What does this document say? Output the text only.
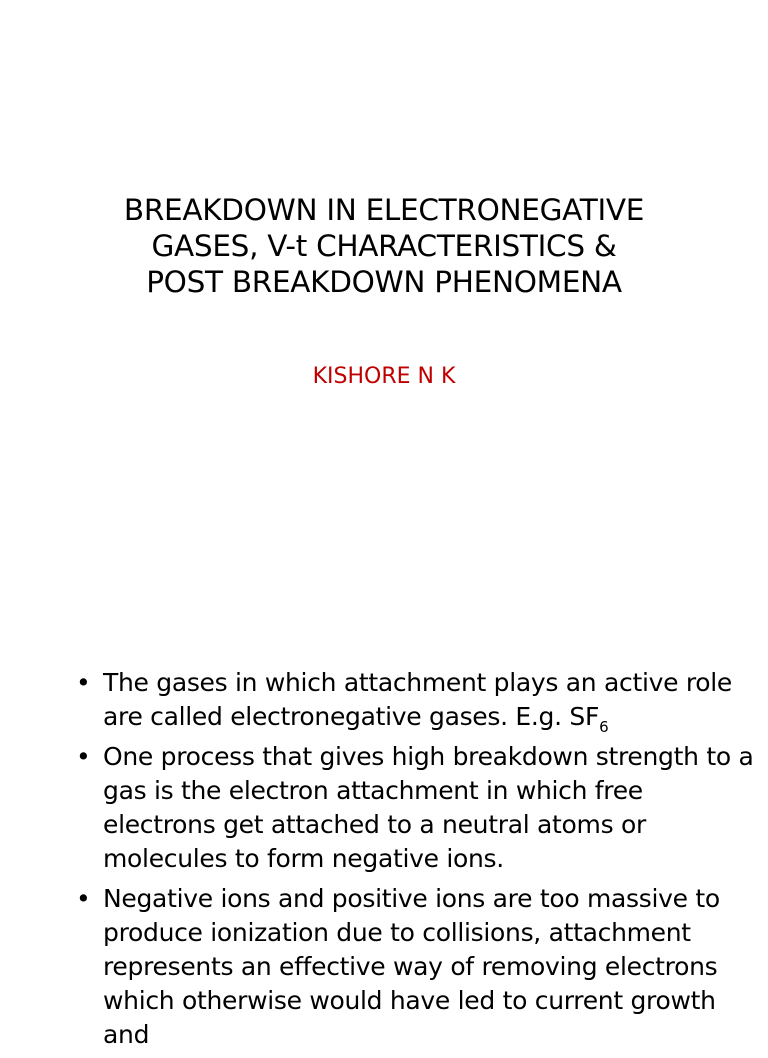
BREAKDOWN IN ELECTRONEGATIVE
GASES, V-t CHARACTERISTICS &
POST BREAKDOWN PHENOMENA
KISHORE N K
• The gases in which attachment plays an active role are called electronegative gases. E.g. $SF_6$
• One process that gives high breakdown strength to a gas is the electron attachment in which free electrons get attached to a neutral atoms or molecules to form negative ions.
• Negative ions and positive ions are too massive to produce ionization due to collisions, attachment represents an effective way of removing electrons which otherwise would have led to current growth and
